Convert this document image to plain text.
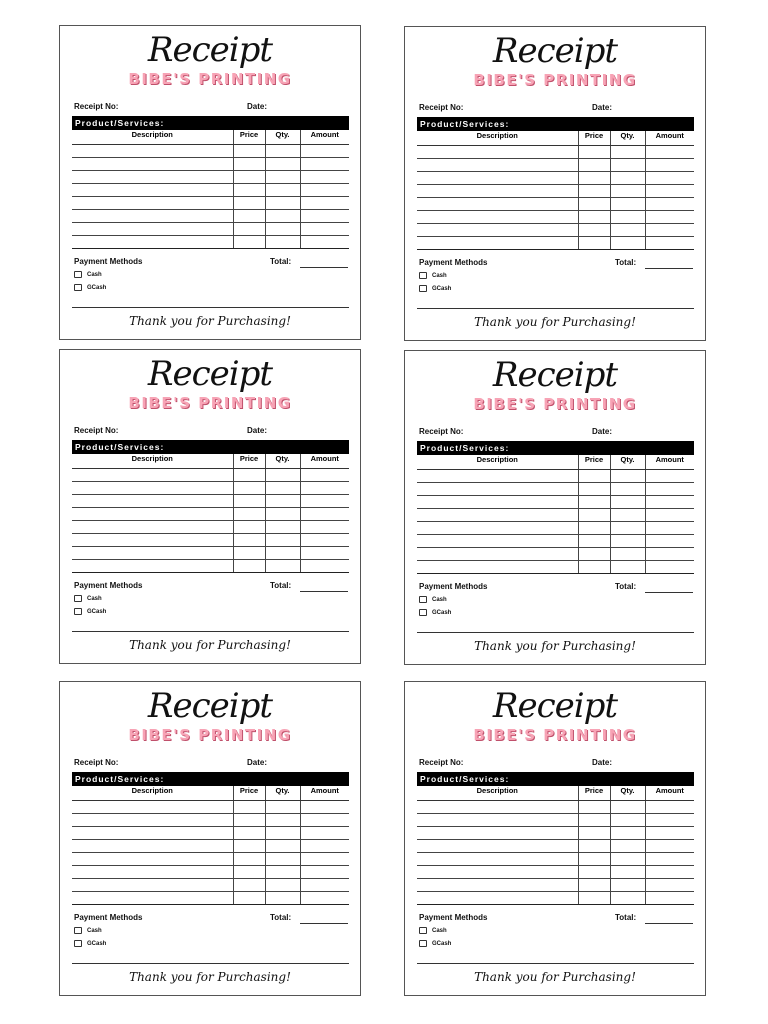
Receipt
BIBE'S PRINTING
Receipt No:	Date:
Product/Services:
Description	Price	Qty.	Amount

Payment Methods	Total:
Cash
GCash
Thank you for Purchasing!
Receipt
BIBE'S PRINTING
Receipt No:	Date:
Product/Services:
Description	Price	Qty.	Amount

Payment Methods	Total:
Cash
GCash
Thank you for Purchasing!
Receipt
BIBE'S PRINTING
Receipt No:	Date:
Product/Services:
Description	Price	Qty.	Amount

Payment Methods	Total:
Cash
GCash
Thank you for Purchasing!
Receipt
BIBE'S PRINTING
Receipt No:	Date:
Product/Services:
Description	Price	Qty.	Amount

Payment Methods	Total:
Cash
GCash
Thank you for Purchasing!
Receipt
BIBE'S PRINTING
Receipt No:	Date:
Product/Services:
Description	Price	Qty.	Amount

Payment Methods	Total:
Cash
GCash
Thank you for Purchasing!
Receipt
BIBE'S PRINTING
Receipt No:	Date:
Product/Services:
Description	Price	Qty.	Amount

Payment Methods	Total:
Cash
GCash
Thank you for Purchasing!
